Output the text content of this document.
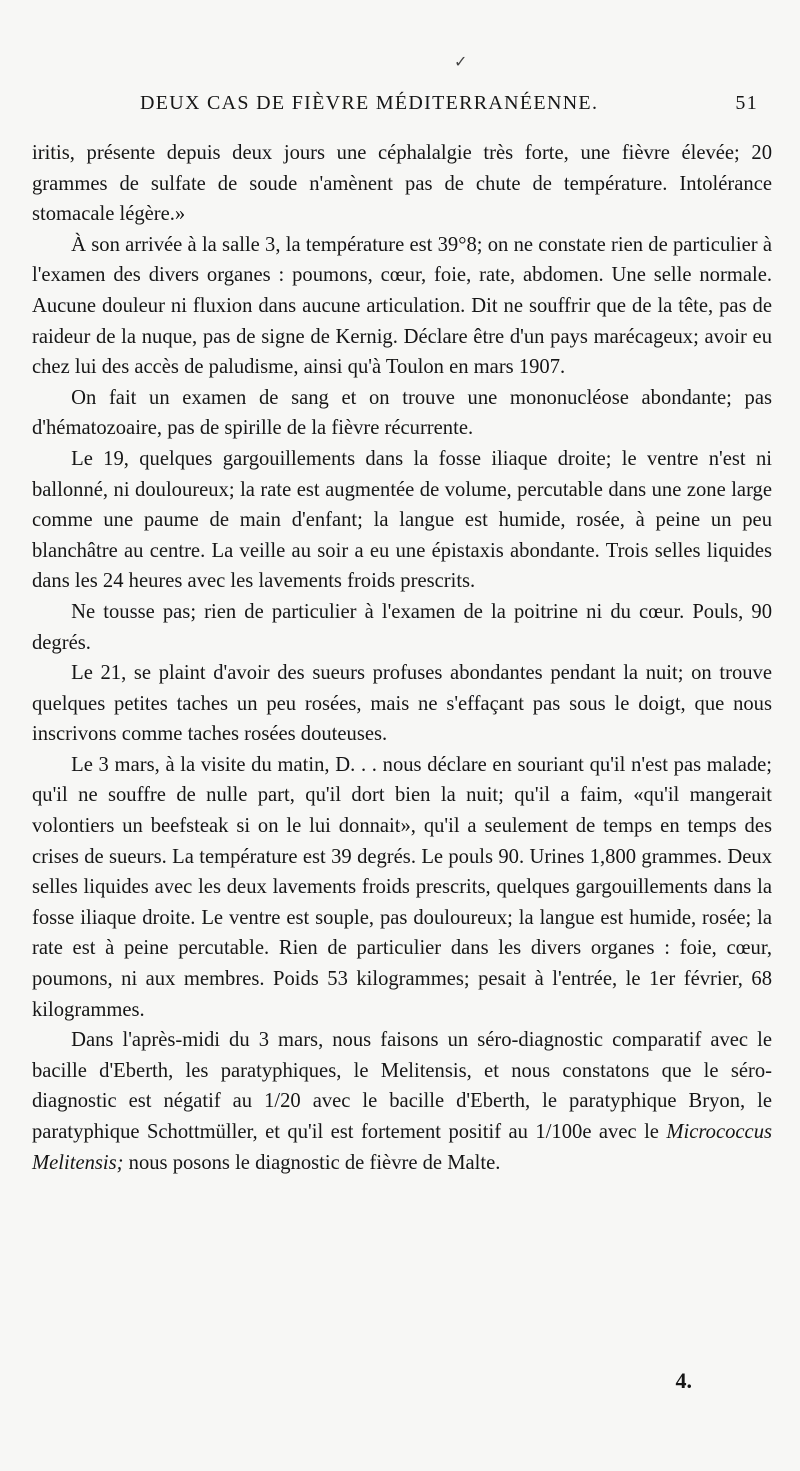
✓
DEUX CAS DE FIÈVRE MÉDITERRANÉENNE.	51

iritis, présente depuis deux jours une céphalalgie très forte, une fièvre élevée; 20 grammes de sulfate de soude n'amènent pas de chute de température. Intolérance stomacale légère.»

À son arrivée à la salle 3, la température est 39°8; on ne constate rien de particulier à l'examen des divers organes : poumons, cœur, foie, rate, abdomen. Une selle normale. Aucune douleur ni fluxion dans aucune articulation. Dit ne souffrir que de la tête, pas de raideur de la nuque, pas de signe de Kernig. Déclare être d'un pays marécageux; avoir eu chez lui des accès de paludisme, ainsi qu'à Toulon en mars 1907.

On fait un examen de sang et on trouve une mononucléose abondante; pas d'hématozoaire, pas de spirille de la fièvre récurrente.

Le 19, quelques gargouillements dans la fosse iliaque droite; le ventre n'est ni ballonné, ni douloureux; la rate est augmentée de volume, percutable dans une zone large comme une paume de main d'enfant; la langue est humide, rosée, à peine un peu blanchâtre au centre. La veille au soir a eu une épistaxis abondante. Trois selles liquides dans les 24 heures avec les lavements froids prescrits.

Ne tousse pas; rien de particulier à l'examen de la poitrine ni du cœur. Pouls, 90 degrés.

Le 21, se plaint d'avoir des sueurs profuses abondantes pendant la nuit; on trouve quelques petites taches un peu rosées, mais ne s'effaçant pas sous le doigt, que nous inscrivons comme taches rosées douteuses.

Le 3 mars, à la visite du matin, D. . . nous déclare en souriant qu'il n'est pas malade; qu'il ne souffre de nulle part, qu'il dort bien la nuit; qu'il a faim, «qu'il mangerait volontiers un beefsteak si on le lui donnait», qu'il a seulement de temps en temps des crises de sueurs. La température est 39 degrés. Le pouls 90. Urines 1,800 grammes. Deux selles liquides avec les deux lavements froids prescrits, quelques gargouillements dans la fosse iliaque droite. Le ventre est souple, pas douloureux; la langue est humide, rosée; la rate est à peine percutable. Rien de particulier dans les divers organes : foie, cœur, poumons, ni aux membres. Poids 53 kilogrammes; pesait à l'entrée, le 1er février, 68 kilogrammes.

Dans l'après-midi du 3 mars, nous faisons un séro-diagnostic comparatif avec le bacille d'Eberth, les paratyphiques, le Melitensis, et nous constatons que le séro-diagnostic est négatif au 1/20 avec le bacille d'Eberth, le paratyphique Bryon, le paratyphique Schottmüller, et qu'il est fortement positif au 1/100e avec le Micrococcus Melitensis; nous posons le diagnostic de fièvre de Malte.

4.
